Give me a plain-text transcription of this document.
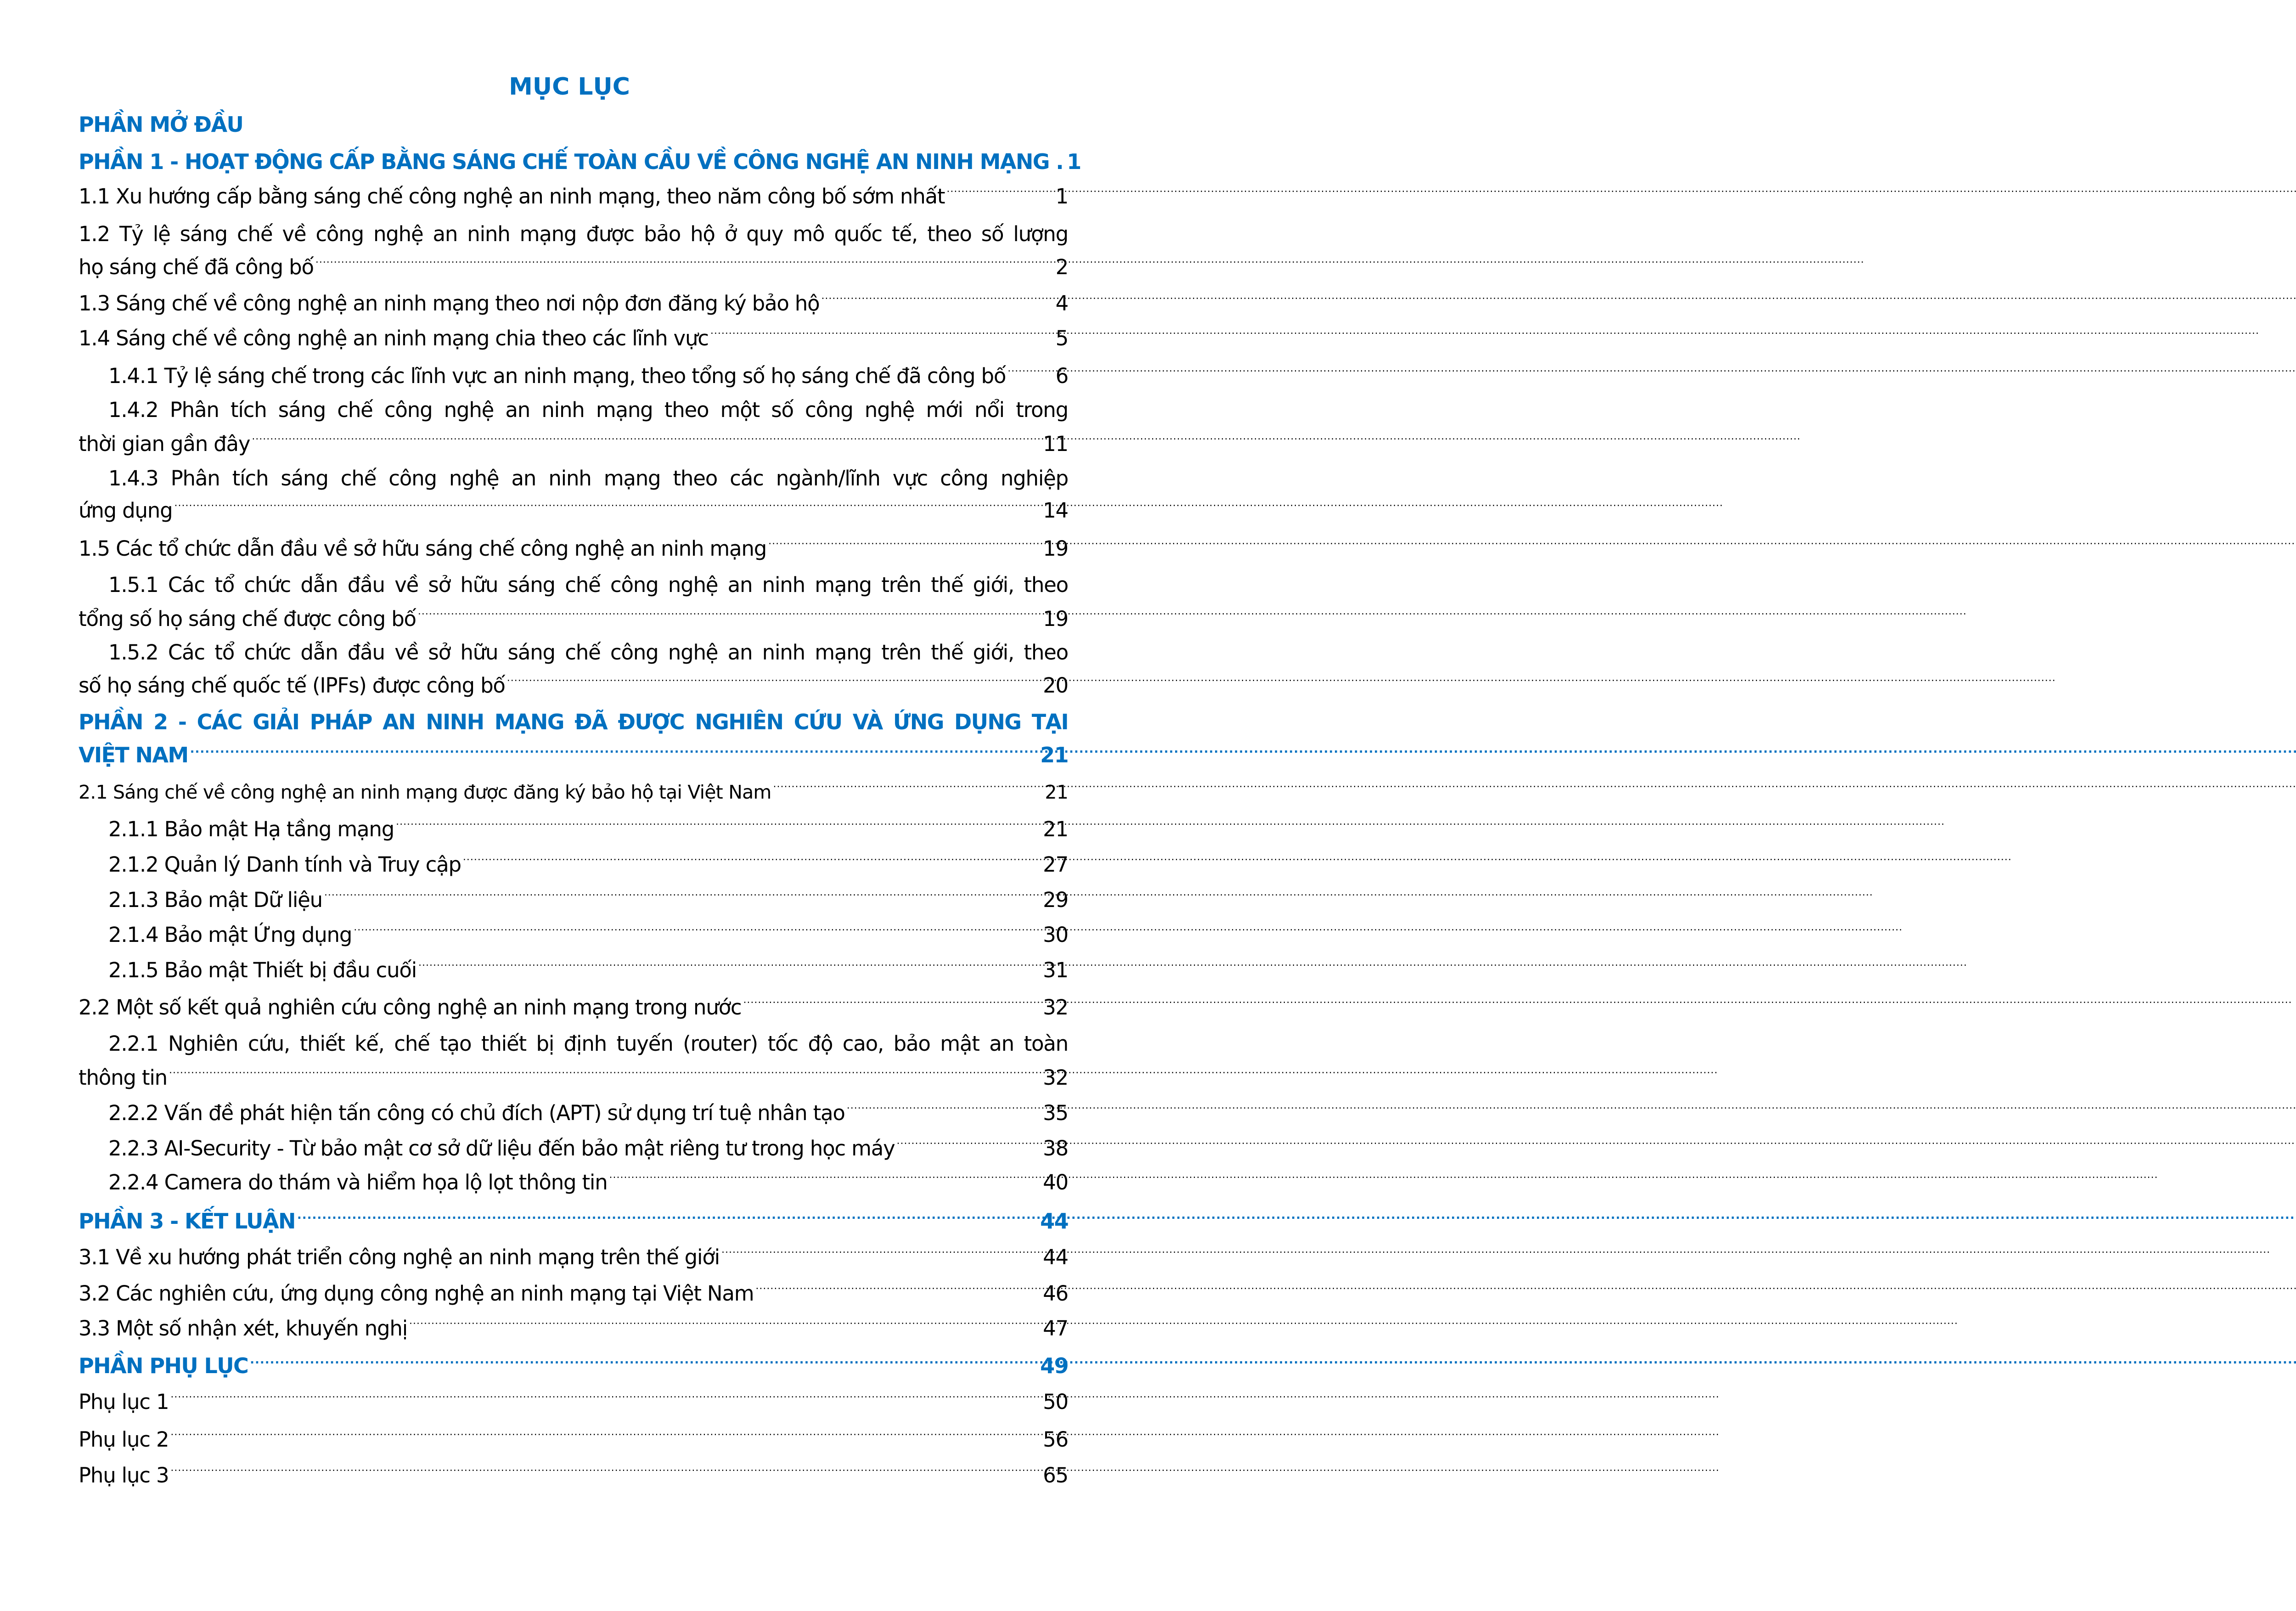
MỤC LỤC
PHẦN MỞ ĐẦU
PHẦN 1 - HOẠT ĐỘNG CẤP BẰNG SÁNG CHẾ TOÀN CẦU VỀ CÔNG NGHỆ AN NINH MẠNG . 1
1.1 Xu hướng cấp bằng sáng chế công nghệ an ninh mạng, theo năm công bố sớm nhất .....	1
1.2 Tỷ lệ sáng chế về công nghệ an ninh mạng được bảo hộ ở quy mô quốc tế, theo số lượng
họ sáng chế đã công bố .....	2
1.3 Sáng chế về công nghệ an ninh mạng theo nơi nộp đơn đăng ký bảo hộ .....	4
1.4 Sáng chế về công nghệ an ninh mạng chia theo các lĩnh vực .....	5
1.4.1 Tỷ lệ sáng chế trong các lĩnh vực an ninh mạng, theo tổng số họ sáng chế đã công bố ..... 6
1.4.2 Phân tích sáng chế công nghệ an ninh mạng theo một số công nghệ mới nổi trong
thời gian gần đây .....	11
1.4.3 Phân tích sáng chế công nghệ an ninh mạng theo các ngành/lĩnh vực công nghiệp
ứng dụng .....	14
1.5 Các tổ chức dẫn đầu về sở hữu sáng chế công nghệ an ninh mạng .....	19
1.5.1 Các tổ chức dẫn đầu về sở hữu sáng chế công nghệ an ninh mạng trên thế giới, theo
tổng số họ sáng chế được công bố .....	19
1.5.2 Các tổ chức dẫn đầu về sở hữu sáng chế công nghệ an ninh mạng trên thế giới, theo
số họ sáng chế quốc tế (IPFs) được công bố .....	20
PHẦN 2 - CÁC GIẢI PHÁP AN NINH MẠNG ĐÃ ĐƯỢC NGHIÊN CỨU VÀ ỨNG DỤNG TẠI
VIỆT NAM .....	21
2.1 Sáng chế về công nghệ an ninh mạng được đăng ký bảo hộ tại Việt Nam .....	21
2.1.1 Bảo mật Hạ tầng mạng .....	21
2.1.2 Quản lý Danh tính và Truy cập .....	27
2.1.3 Bảo mật Dữ liệu .....	29
2.1.4 Bảo mật Ứng dụng .....	30
2.1.5 Bảo mật Thiết bị đầu cuối .....	31
2.2 Một số kết quả nghiên cứu công nghệ an ninh mạng trong nước .....	32
2.2.1 Nghiên cứu, thiết kế, chế tạo thiết bị định tuyến (router) tốc độ cao, bảo mật an toàn
thông tin .....	32
2.2.2 Vấn đề phát hiện tấn công có chủ đích (APT) sử dụng trí tuệ nhân tạo .....	35
2.2.3 AI-Security - Từ bảo mật cơ sở dữ liệu đến bảo mật riêng tư trong học máy .....	38
2.2.4 Camera do thám và hiểm họa lộ lọt thông tin .....	40
PHẦN 3 - KẾT LUẬN .....	44
3.1 Về xu hướng phát triển công nghệ an ninh mạng trên thế giới .....	44
3.2 Các nghiên cứu, ứng dụng công nghệ an ninh mạng tại Việt Nam .....	46
3.3 Một số nhận xét, khuyến nghị .....	47
PHẦN PHỤ LỤC .....	49
Phụ lục 1 .....	50
Phụ lục 2 .....	56
Phụ lục 3 .....	65
